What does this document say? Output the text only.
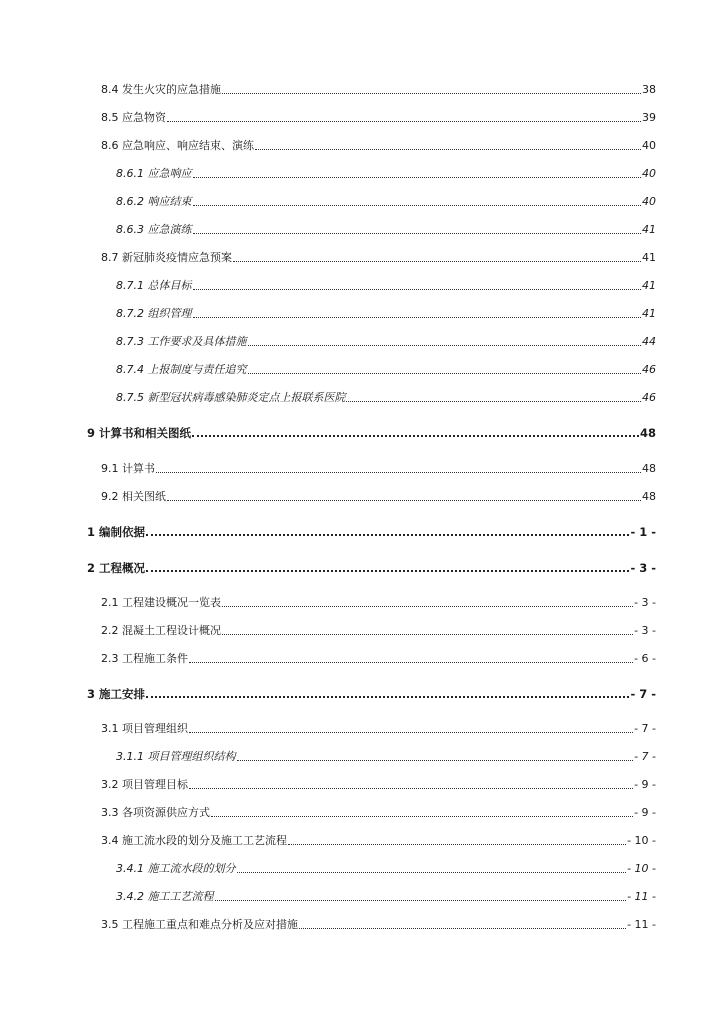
8.4 发生火灾的应急措施	38
8.5 应急物资	39
8.6 应急响应、响应结束、演练	40
8.6.1 应急响应	40
8.6.2 响应结束	40
8.6.3 应急演练	41
8.7 新冠肺炎疫情应急预案	41
8.7.1 总体目标	41
8.7.2 组织管理	41
8.7.3 工作要求及具体措施	44
8.7.4 上报制度与责任追究	46
8.7.5 新型冠状病毒感染肺炎定点上报联系医院	46
9 计算书和相关图纸	48
9.1 计算书	48
9.2 相关图纸	48
1 编制依据	- 1 -
2 工程概况	- 3 -
2.1 工程建设概况一览表	- 3 -
2.2 混凝土工程设计概况	- 3 -
2.3 工程施工条件	- 6 -
3 施工安排	- 7 -
3.1 项目管理组织	- 7 -
3.1.1 项目管理组织结构	- 7 -
3.2 项目管理目标	- 9 -
3.3 各项资源供应方式	- 9 -
3.4 施工流水段的划分及施工工艺流程	- 10 -
3.4.1 施工流水段的划分	- 10 -
3.4.2 施工工艺流程	- 11 -
3.5 工程施工重点和难点分析及应对措施	- 11 -
